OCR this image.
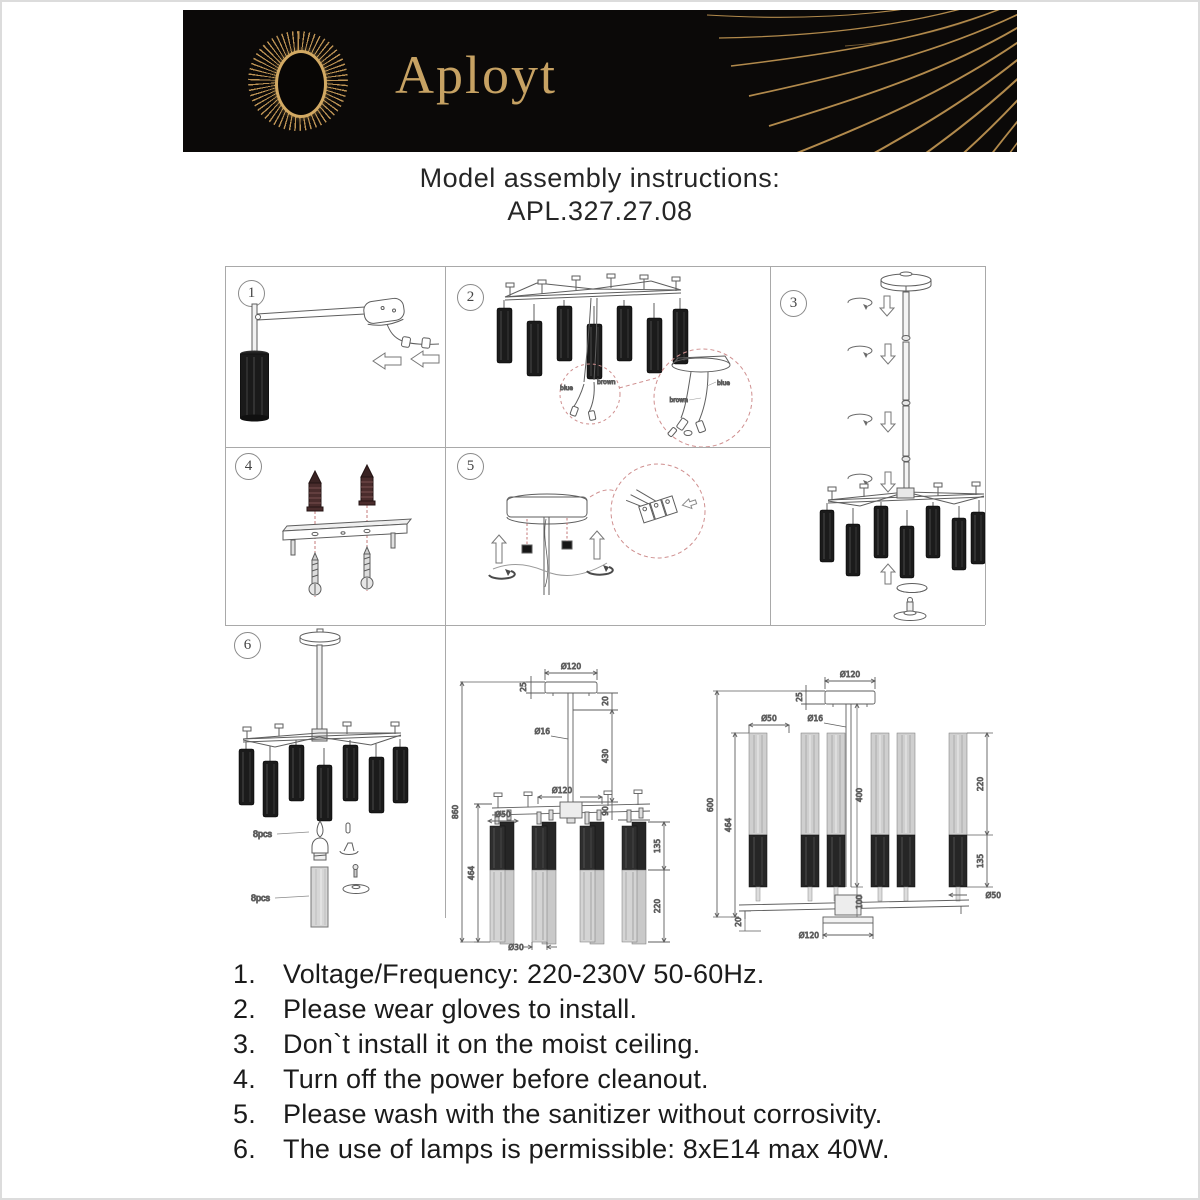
Aployt
Model assembly instructions:
APL.327.27.08
1	2
blue
brown	blue
brown
3
4	5
6
8pcs
8pcs
Ø120
25
20
Ø16
430
90
Ø120
Ø50
464
860
135
220
Ø30
Ø120
25
Ø16
Ø50
400
100
600
464
220
135
Ø50
Ø120
20
1.	Voltage/Frequency: 220-230V 50-60Hz.
2.	Please wear gloves to install.
3.	Don`t install it on the moist ceiling.
4.	Turn off the power before cleanout.
5.	Please wash with the sanitizer without corrosivity.
6.	The use of lamps is permissible: 8xE14 max 40W.
